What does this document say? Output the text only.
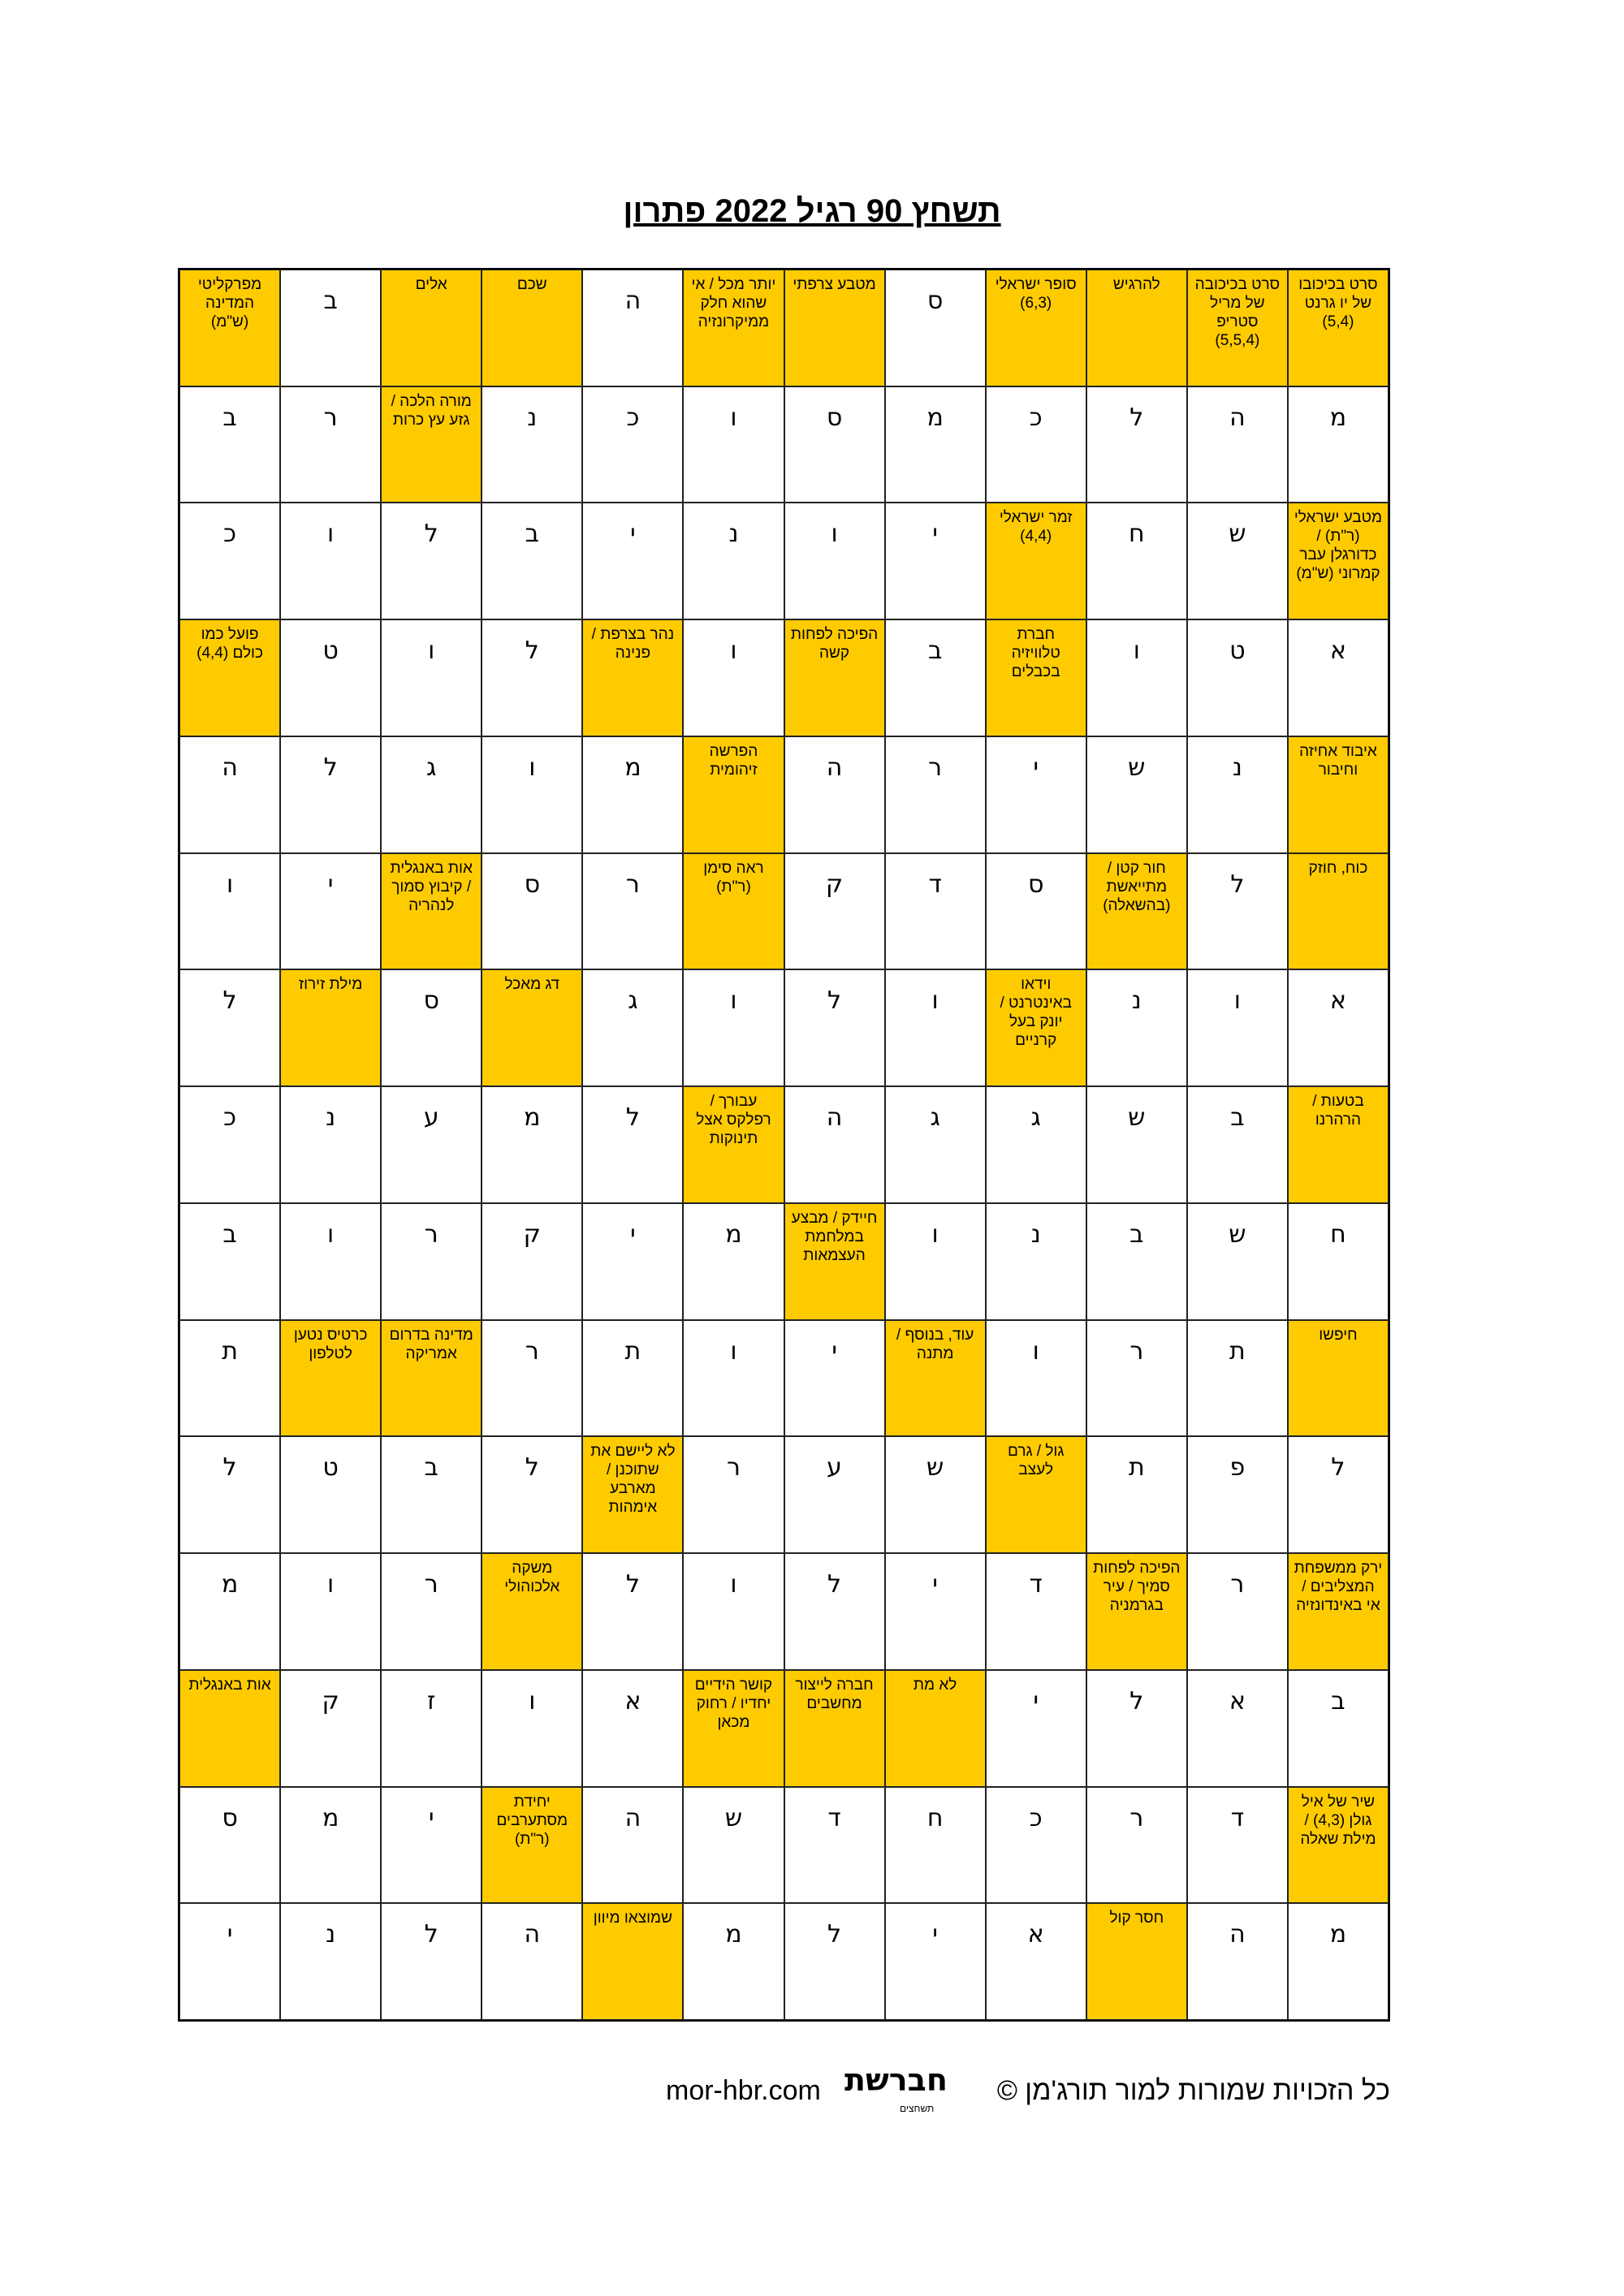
תשחץ 90 רגיל 2022 פתרון
סרט בכיכובו של יו גרנט (5,4)
סרט בכיכובה של מריל סטריפ (5,5,4)
להרגיש
סופר ישראלי (6,3)
ס
מטבע צרפתי
יותר מכל / אי שהוא חלק ממיקרונזיה
ה
שכם
אלים
ב
מפרקליטי המדינה (ש"מ)
מ
ה
ל
כ
מ
ס
ו
כ
נ
מורה הלכה / גזע עץ כרות
ר
ב
מטבע ישראלי (ר"ת) / כדורגלן עבר קמרוני (ש"מ)
ש
ח
זמר ישראלי (4,4)
י
ו
נ
י
ב
ל
ו
כ
א
ט
ו
חברת טלוויזיה בכבלים
ב
הפיכה לפחות קשה
ו
נהר בצרפת / פנינה
ל
ו
ט
פועל כמו כולם (4,4)
איבוד אחיזה וחיבור
נ
ש
י
ר
ה
הפרשה זיהומית
מ
ו
ג
ל
ה
כוח, חוזק
ל
חור קטן / מתייאשת (בהשאלה)
ס
ד
ק
ראה סימן (ר"ת)
ר
ס
אות באנגלית / קיבוץ סמוך לנהריה
י
ו
א
ו
נ
וידאו באינטרנט / יונק בעל קרניים
ו
ל
ו
ג
דג מאכל
ס
מילת זירוז
ל
בטעות / הרהרנו
ב
ש
ג
ג
ה
עבורך / רפלקס אצל תינוקות
ל
מ
ע
נ
כ
ח
ש
ב
נ
ו
חיידק / מבצע במלחמת העצמאות
מ
י
ק
ר
ו
ב
חיפשו
ת
ר
ו
עוד, בנוסף / מתנה
י
ו
ת
ר
מדינה בדרום אמריקה
כרטיס נטען לטלפון
ת
ל
פ
ת
גול / גרם לעצב
ש
ע
ר
לא ליישם את שתוכנן / מארבע אימהות
ל
ב
ט
ל
ירק ממשפחת המצליבים / אי באינדונזיה
ר
הפיכה לפחות סמיך / עיר בגרמניה
ד
י
ל
ו
ל
משקה אלכוהולי
ר
ו
מ
ב
א
ל
י
לא מת
חברה לייצור מחשבים
קושר הידיים יחדיו / רחוק מכאן
א
ו
ז
ק
אות באנגלית
שיר של איל גולן (4,3) / מילת שאלה
ד
ר
כ
ח
ד
ש
ה
יחידת מסתערבים (ר"ת)
י
מ
ס
מ
ה
חסר קול
א
י
ל
מ
שמוצאו מיוון
ה
ל
נ
י
mor-hbr.com חברשת
תשחצים
כל הזכויות שמורות למור תורג'מן ©
